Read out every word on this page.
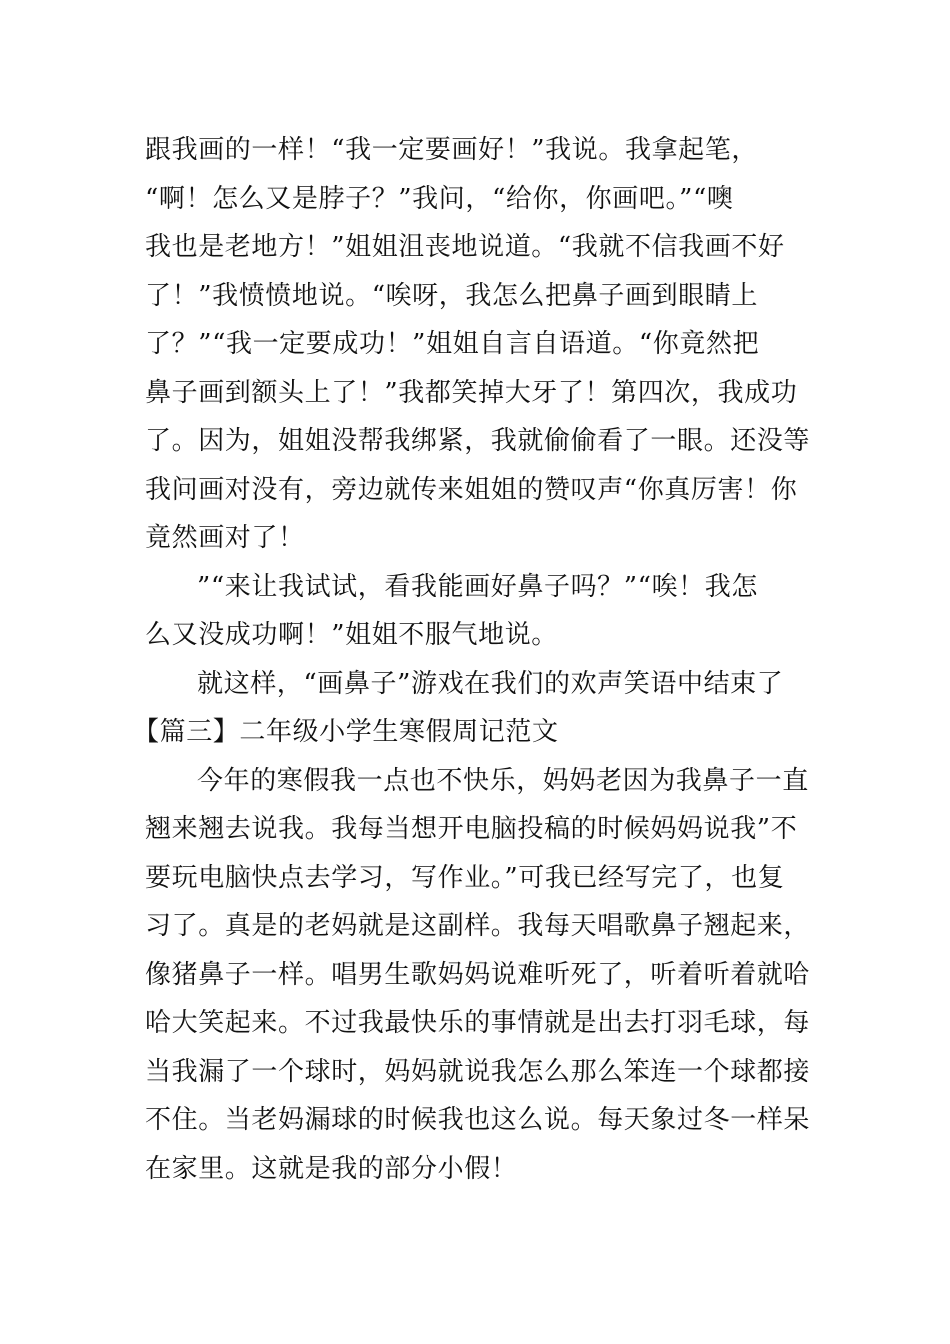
跟我画的一样！“我一定要画好！”我说。我拿起笔，
“啊！怎么又是脖子？”我问，“给你，你画吧。”“噢
我也是老地方！”姐姐沮丧地说道。“我就不信我画不好
了！”我愤愤地说。“唉呀，我怎么把鼻子画到眼睛上
了？”“我一定要成功！”姐姐自言自语道。“你竟然把
鼻子画到额头上了！”我都笑掉大牙了！第四次，我成功
了。因为，姐姐没帮我绑紧，我就偷偷看了一眼。还没等
我问画对没有，旁边就传来姐姐的赞叹声“你真厉害！你
竟然画对了！
”“来让我试试，看我能画好鼻子吗？”“唉！我怎
么又没成功啊！”姐姐不服气地说。
就这样，“画鼻子”游戏在我们的欢声笑语中结束了
【篇三】二年级小学生寒假周记范文
今年的寒假我一点也不快乐，妈妈老因为我鼻子一直
翘来翘去说我。我每当想开电脑投稿的时候妈妈说我”不
要玩电脑快点去学习，写作业。”可我已经写完了，也复
习了。真是的老妈就是这副样。我每天唱歌鼻子翘起来，
像猪鼻子一样。唱男生歌妈妈说难听死了，听着听着就哈
哈大笑起来。不过我最快乐的事情就是出去打羽毛球，每
当我漏了一个球时，妈妈就说我怎么那么笨连一个球都接
不住。当老妈漏球的时候我也这么说。每天象过冬一样呆
在家里。这就是我的部分小假！
